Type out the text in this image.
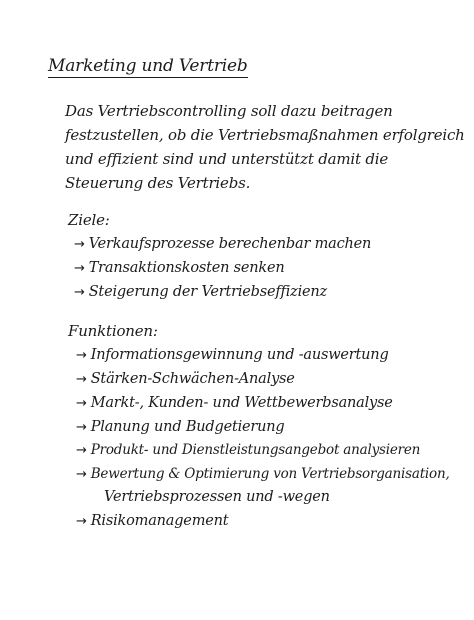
Marketing und Vertrieb
Das Vertriebscontrolling soll dazu beitragen
festzustellen, ob die Vertriebsmaßnahmen erfolgreich
und effizient sind und unterstützt damit die
Steuerung des Vertriebs.
Ziele:
→ Verkaufsprozesse berechenbar machen
→ Transaktionskosten senken
→ Steigerung der Vertriebseffizienz
Funktionen:
→ Informationsgewinnung und -auswertung
→ Stärken-Schwächen-Analyse
→ Markt-, Kunden- und Wettbewerbsanalyse
→ Planung und Budgetierung
→ Produkt- und Dienstleistungsangebot analysieren
→ Bewertung & Optimierung von Vertriebsorganisation,
Vertriebsprozessen und -wegen
→ Risikomanagement
